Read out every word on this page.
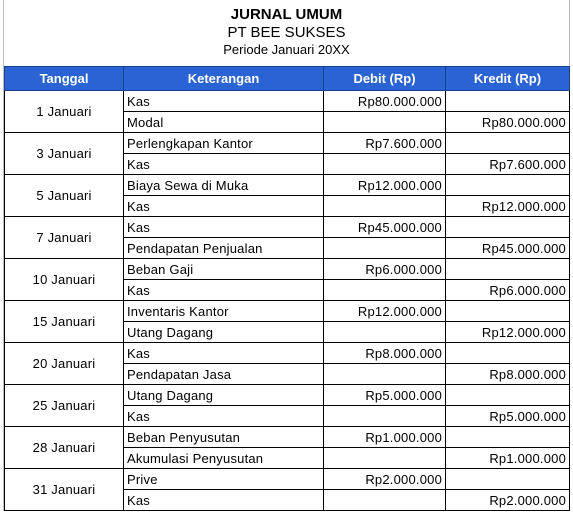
JURNAL UMUM
PT BEE SUKSES
Periode Januari 20XX
Tanggal	Keterangan	Debit (Rp)	Kredit (Rp)
1 Januari	Kas	Rp80.000.000	
	Modal		Rp80.000.000
3 Januari	Perlengkapan Kantor	Rp7.600.000	
	Kas		Rp7.600.000
5 Januari	Biaya Sewa di Muka	Rp12.000.000	
	Kas		Rp12.000.000
7 Januari	Kas	Rp45.000.000	
	Pendapatan Penjualan		Rp45.000.000
10 Januari	Beban Gaji	Rp6.000.000	
	Kas		Rp6.000.000
15 Januari	Inventaris Kantor	Rp12.000.000	
	Utang Dagang		Rp12.000.000
20 Januari	Kas	Rp8.000.000	
	Pendapatan Jasa		Rp8.000.000
25 Januari	Utang Dagang	Rp5.000.000	
	Kas		Rp5.000.000
28 Januari	Beban Penyusutan	Rp1.000.000	
	Akumulasi Penyusutan		Rp1.000.000
31 Januari	Prive	Rp2.000.000	
	Kas		Rp2.000.000
